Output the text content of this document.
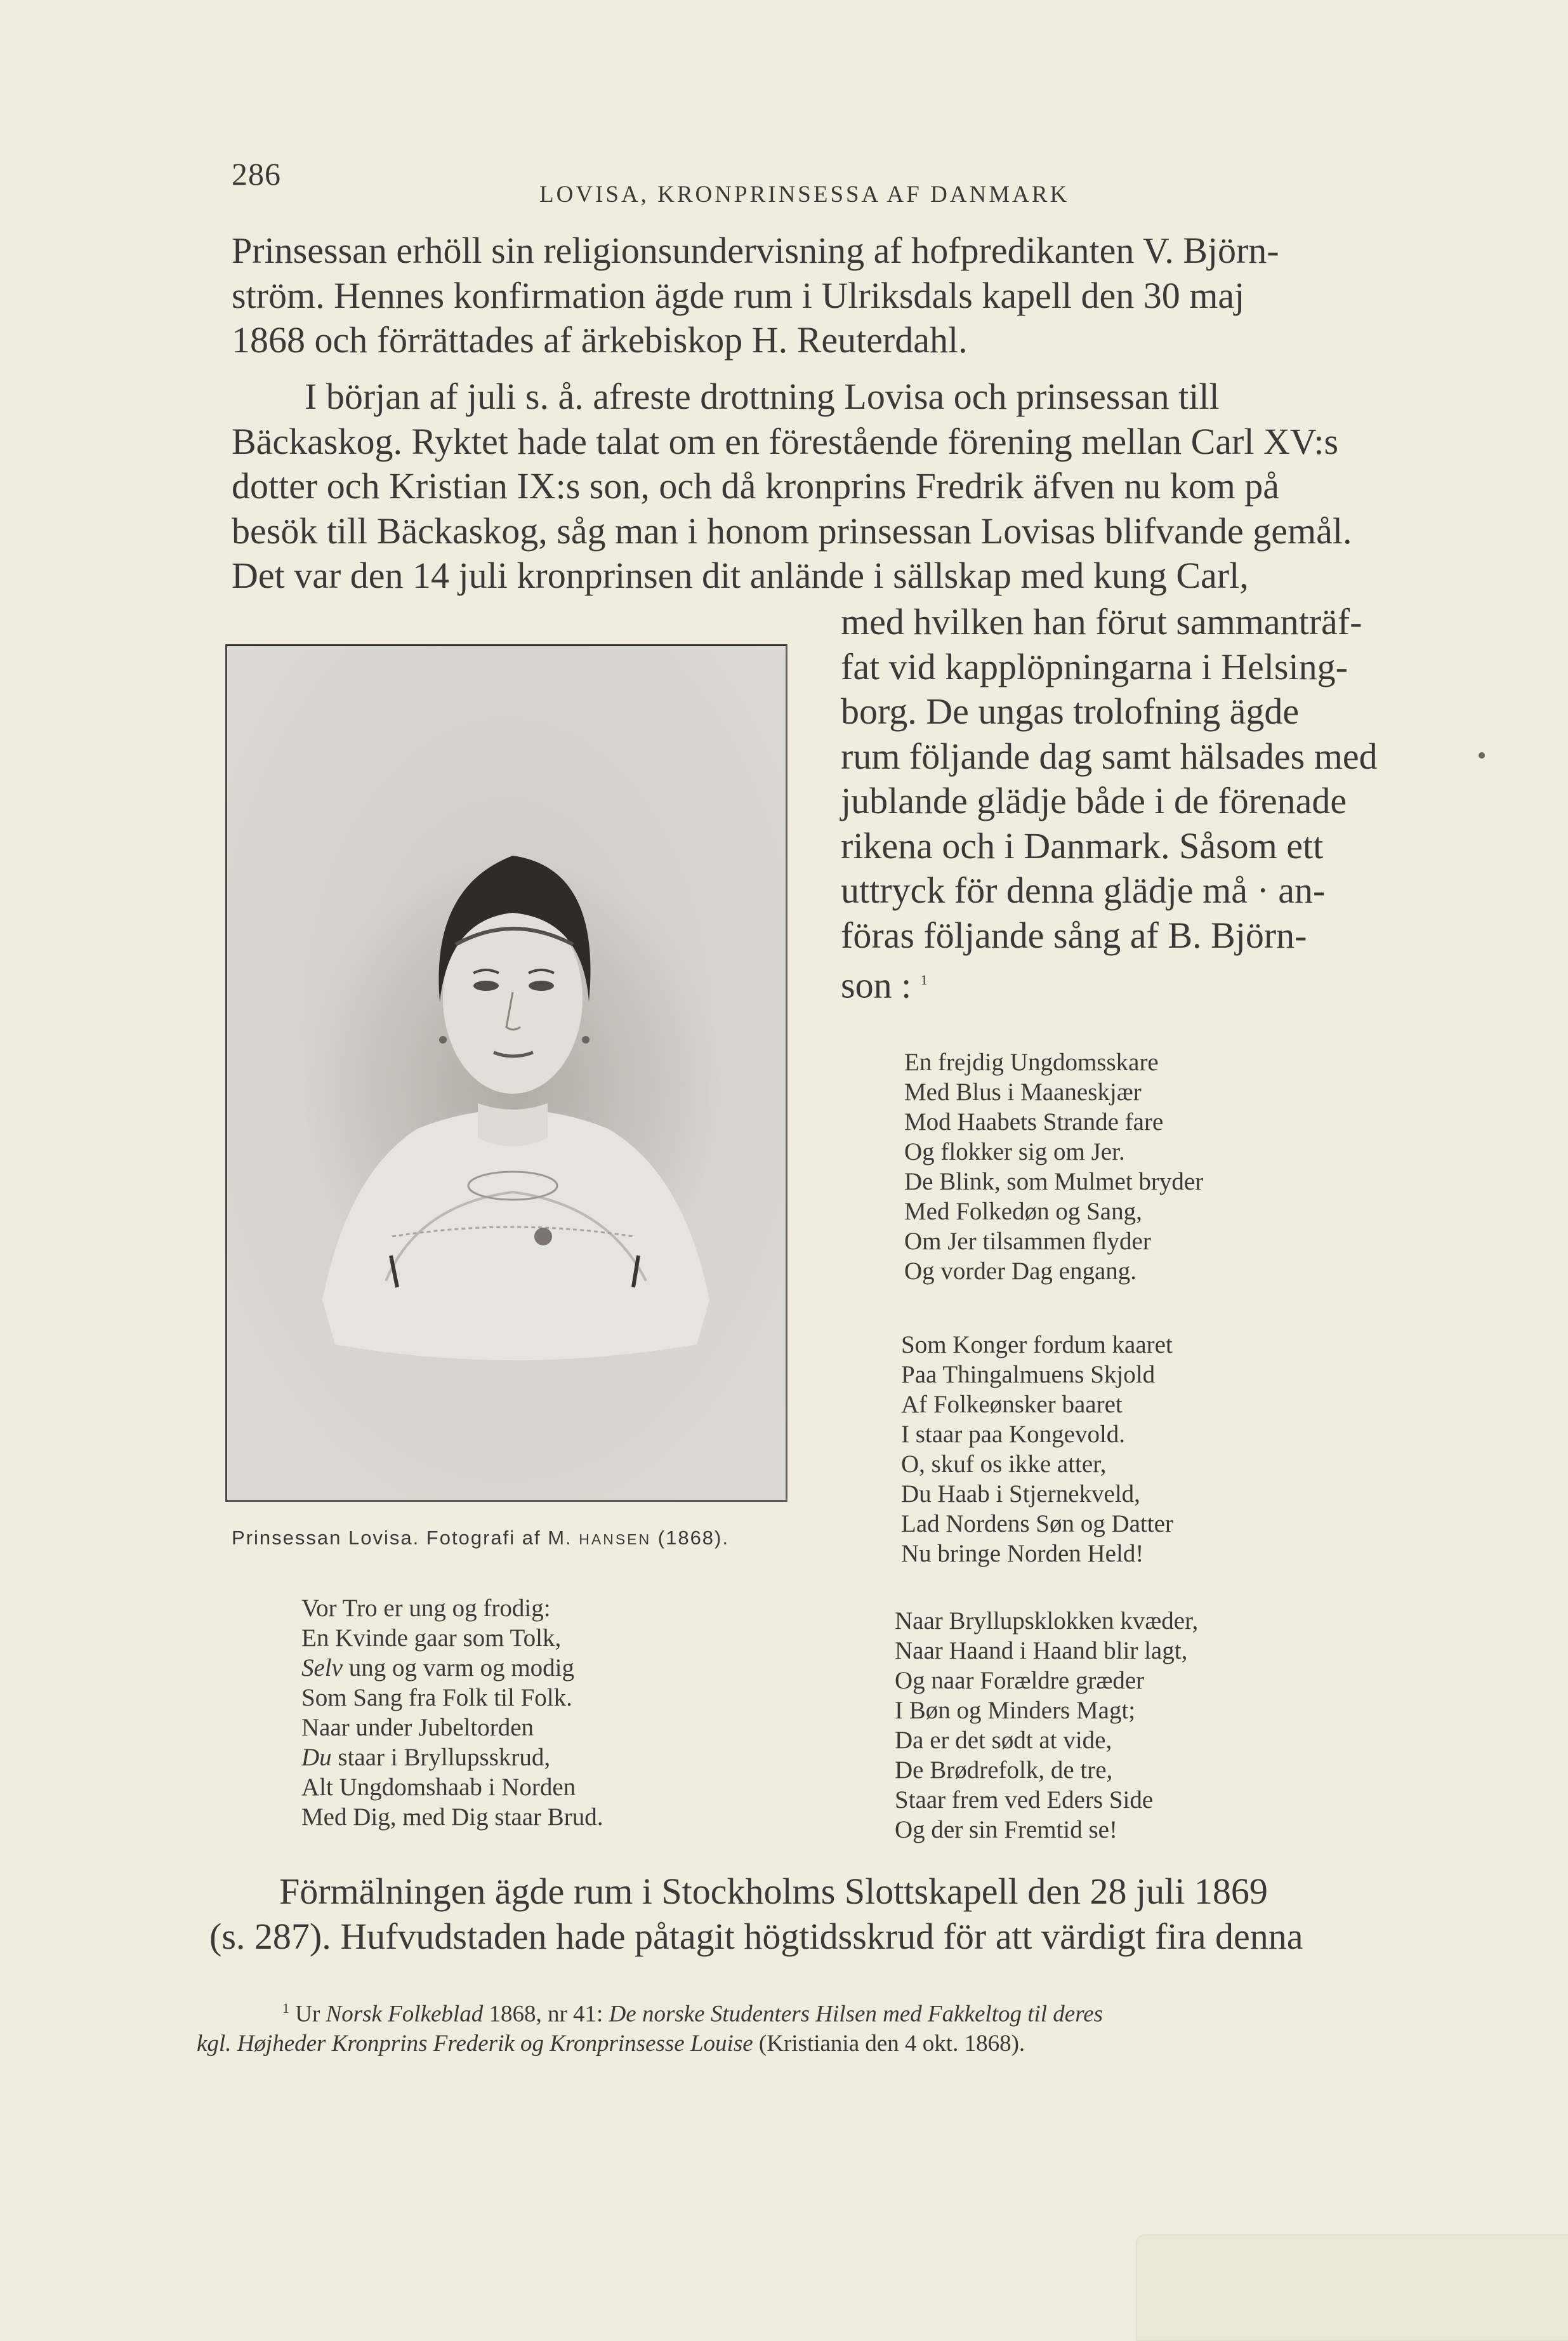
286
LOVISA, KRONPRINSESSA AF DANMARK

Prinsessan erhöll sin religionsundervisning af hofpredikanten V. Björn-
ström. Hennes konfirmation ägde rum i Ulriksdals kapell den 30 maj
1868 och förrättades af ärkebiskop H. Reuterdahl.

I början af juli s. å. afreste drottning Lovisa och prinsessan till
Bäckaskog. Ryktet hade talat om en förestående förening mellan Carl XV:s
dotter och Kristian IX:s son, och då kronprins Fredrik äfven nu kom på
besök till Bäckaskog, såg man i honom prinsessan Lovisas blifvande gemål.
Det var den 14 juli kronprinsen dit anlände i sällskap med kung Carl,

med hvilken han förut sammanträf-
fat vid kapplöpningarna i Helsing-
borg. De ungas trolofning ägde
rum följande dag samt hälsades med
jublande glädje både i de förenade
rikena och i Danmark. Såsom ett
uttryck för denna glädje må · an-
föras följande sång af B. Björn-
son : $^1$

Prinsessan Lovisa. Fotografi af M. HANSEN (1868).
En frejdig Ungdomsskare
Med Blus i Maaneskjær
Mod Haabets Strande fare
Og flokker sig om Jer.
De Blink, som Mulmet bryder
Med Folkedøn og Sang,
Om Jer tilsammen flyder
Og vorder Dag engang.
Som Konger fordum kaaret
Paa Thingalmuens Skjold
Af Folkeønsker baaret
I staar paa Kongevold.
O, skuf os ikke atter,
Du Haab i Stjernekveld,
Lad Nordens Søn og Datter
Nu bringe Norden Held!
Vor Tro er ung og frodig:
En Kvinde gaar som Tolk,
Selv ung og varm og modig
Som Sang fra Folk til Folk.
Naar under Jubeltorden
Du staar i Bryllupsskrud,
Alt Ungdomshaab i Norden
Med Dig, med Dig staar Brud.
Naar Bryllupsklokken kvæder,
Naar Haand i Haand blir lagt,
Og naar Forældre græder
I Bøn og Minders Magt;
Da er det sødt at vide,
De Brødrefolk, de tre,
Staar frem ved Eders Side
Og der sin Fremtid se!

Förmälningen ägde rum i Stockholms Slottskapell den 28 juli 1869
(s. 287). Hufvudstaden hade påtagit högtidsskrud för att värdigt fira denna

$^1$ Ur Norsk Folkeblad 1868, nr 41: De norske Studenters Hilsen med Fakkeltog til deres
kgl. Højheder Kronprins Frederik og Kronprinsesse Louise (Kristiania den 4 okt. 1868).
